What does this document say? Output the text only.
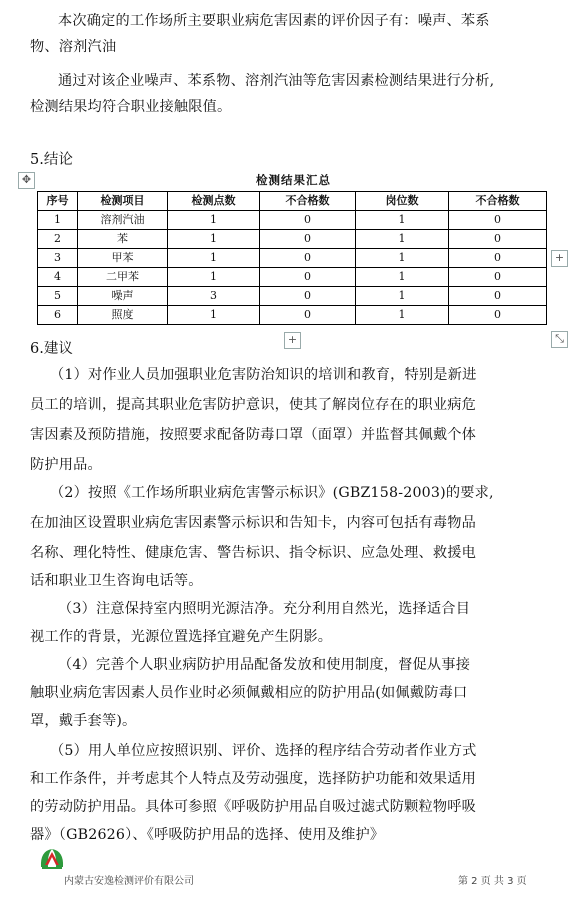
本次确定的工作场所主要职业病危害因素的评价因子有：噪声、苯系
物、溶剂汽油
通过对该企业噪声、苯系物、溶剂汽油等危害因素检测结果进行分析,
检测结果均符合职业接触限值。
5.结论
✥	检测结果汇总
序号	检测项目	检测点数	不合格数	岗位数	不合格数
1	溶剂汽油	1	0	1	0
2	苯	1	0	1	0
3	甲苯	1	0	1	0
4	二甲苯	1	0	1	0
5	噪声	3	0	1	0
6	照度	1	0	1	0
+
+	⤡
6.建议
（1）对作业人员加强职业危害防治知识的培训和教育，特别是新进
员工的培训，提高其职业危害防护意识，使其了解岗位存在的职业病危
害因素及预防措施，按照要求配备防毒口罩（面罩）并监督其佩戴个体
防护用品。
（2）按照《工作场所职业病危害警示标识》(GBZ158-2003)的要求,
在加油区设置职业病危害因素警示标识和告知卡，内容可包括有毒物品
名称、理化特性、健康危害、警告标识、指令标识、应急处理、救援电
话和职业卫生咨询电话等。
（3）注意保持室内照明光源洁净。充分利用自然光，选择适合目
视工作的背景，光源位置选择宜避免产生阴影。
（4）完善个人职业病防护用品配备发放和使用制度，督促从事接
触职业病危害因素人员作业时必须佩戴相应的防护用品(如佩戴防毒口
罩，戴手套等)。
（5）用人单位应按照识别、评价、选择的程序结合劳动者作业方式
和工作条件，并考虑其个人特点及劳动强度，选择防护功能和效果适用
的劳动防护用品。具体可参照《呼吸防护用品自吸过滤式防颗粒物呼吸
器》（GB2626）、《呼吸防护用品的选择、使用及维护》
内蒙古安逸检测评价有限公司	第 2 页 共 3 页
